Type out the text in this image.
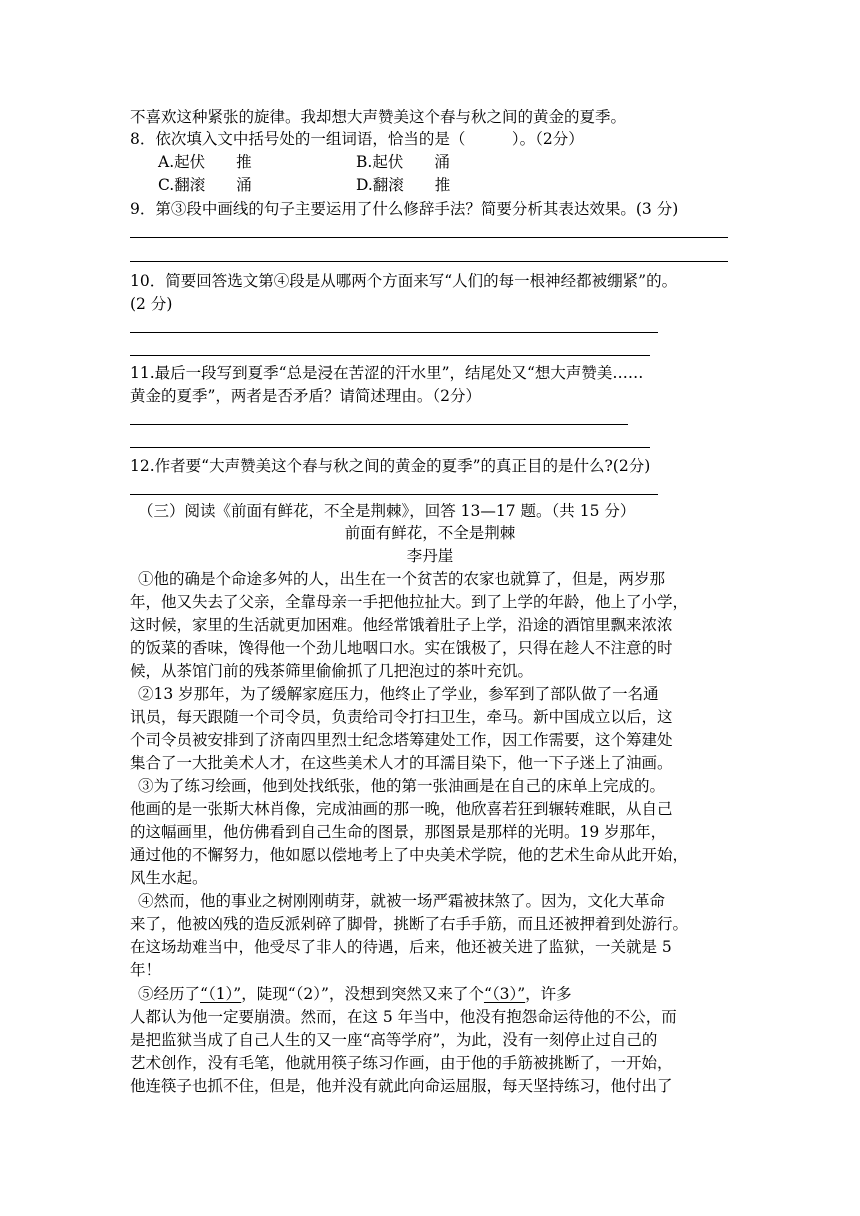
不喜欢这种紧张的旋律。我却想大声赞美这个春与秋之间的黄金的夏季。
8．依次填入文中括号处的一组词语，恰当的是（　　　）。（2分）
A.起伏　　推	B.起伏　　涌
C.翻滚　　涌	D.翻滚　　推
9．第③段中画线的句子主要运用了什么修辞手法？简要分析其表达效果。(3 分)
10．简要回答选文第④段是从哪两个方面来写“人们的每一根神经都被绷紧”的。
(2 分)
11.最后一段写到夏季“总是浸在苦涩的汗水里”，结尾处又“想大声赞美……
黄金的夏季”，两者是否矛盾？请简述理由。（2分）
12.作者要“大声赞美这个春与秋之间的黄金的夏季”的真正目的是什么?(2分)
（三）阅读《前面有鲜花，不全是荆棘》，回答 13—17 题。（共 15 分）
前面有鲜花，不全是荆棘
李丹崖
①他的确是个命途多舛的人，出生在一个贫苦的农家也就算了，但是，两岁那
年，他又失去了父亲，全靠母亲一手把他拉扯大。到了上学的年龄，他上了小学，
这时候，家里的生活就更加困难。他经常饿着肚子上学，沿途的酒馆里飘来浓浓
的饭菜的香味，馋得他一个劲儿地咽口水。实在饿极了，只得在趁人不注意的时
候，从茶馆门前的残茶筛里偷偷抓了几把泡过的茶叶充饥。
②13 岁那年，为了缓解家庭压力，他终止了学业，参军到了部队做了一名通
讯员，每天跟随一个司令员，负责给司令打扫卫生，牵马。新中国成立以后，这
个司令员被安排到了济南四里烈士纪念塔筹建处工作，因工作需要，这个筹建处
集合了一大批美术人才，在这些美术人才的耳濡目染下，他一下子迷上了油画。
③为了练习绘画，他到处找纸张，他的第一张油画是在自己的床单上完成的。
他画的是一张斯大林肖像，完成油画的那一晚，他欣喜若狂到辗转难眠，从自己
的这幅画里，他仿佛看到自己生命的图景，那图景是那样的光明。19 岁那年，
通过他的不懈努力，他如愿以偿地考上了中央美术学院，他的艺术生命从此开始，
风生水起。
④然而，他的事业之树刚刚萌芽，就被一场严霜被抹煞了。因为，文化大革命
来了，他被凶残的造反派剁碎了脚骨，挑断了右手手筋，而且还被押着到处游行。
在这场劫难当中，他受尽了非人的待遇，后来，他还被关进了监狱，一关就是 5
年！
⑤经历了“（1）”，陡现“（2）”，没想到突然又来了个“（3）”，许多
人都认为他一定要崩溃。然而，在这 5 年当中，他没有抱怨命运待他的不公，而
是把监狱当成了自己人生的又一座“高等学府”，为此，没有一刻停止过自己的
艺术创作，没有毛笔，他就用筷子练习作画，由于他的手筋被挑断了，一开始，
他连筷子也抓不住，但是，他并没有就此向命运屈服，每天坚持练习，他付出了
